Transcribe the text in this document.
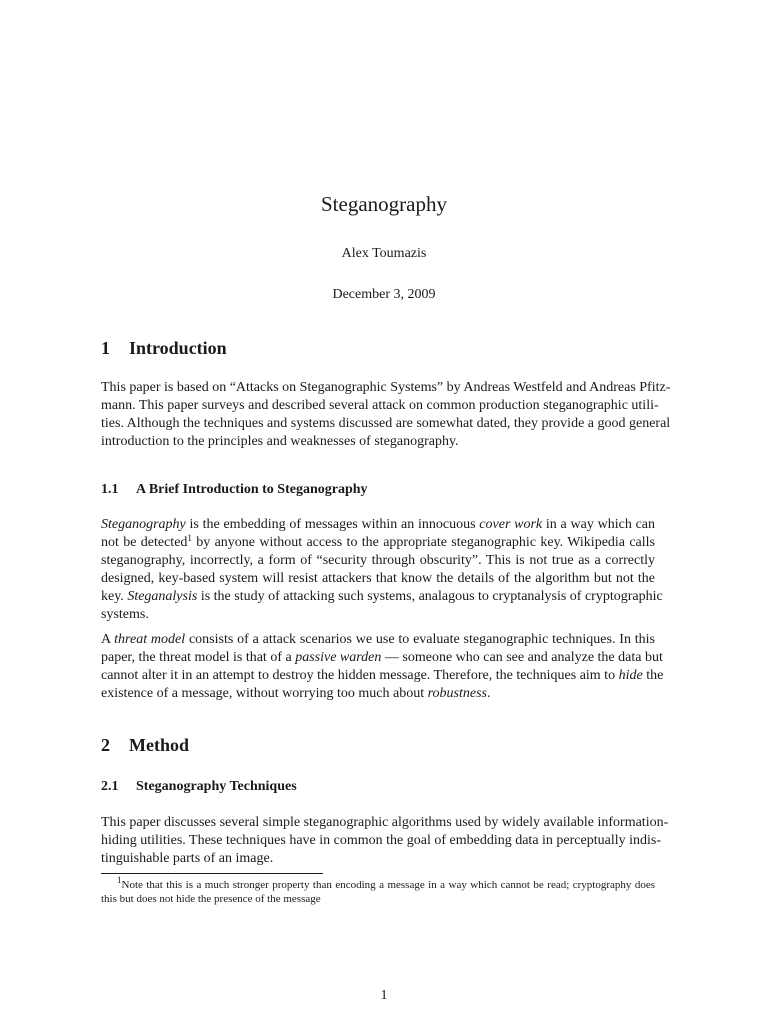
Steganography
Alex Toumazis
December 3, 2009
1 Introduction

This paper is based on “Attacks on Steganographic Systems” by Andreas Westfeld and Andreas Pfitz-
mann. This paper surveys and described several attack on common production steganographic utili-
ties. Although the techniques and systems discussed are somewhat dated, they provide a good general
introduction to the principles and weaknesses of steganography.

1.1 A Brief Introduction to Steganography

Steganography is the embedding of messages within an innocuous cover work in a way which can
not be detected$^1$ by anyone without access to the appropriate steganographic key. Wikipedia calls
steganography, incorrectly, a form of “security through obscurity”. This is not true as a correctly
designed, key-based system will resist attackers that know the details of the algorithm but not the
key. Steganalysis is the study of attacking such systems, analagous to cryptanalysis of cryptographic
systems.

A threat model consists of a attack scenarios we use to evaluate steganographic techniques. In this
paper, the threat model is that of a passive warden — someone who can see and analyze the data but
cannot alter it in an attempt to destroy the hidden message. Therefore, the techniques aim to hide the
existence of a message, without worrying too much about robustness.

2 Method
2.1 Steganography Techniques

This paper discusses several simple steganographic algorithms used by widely available information-
hiding utilities. These techniques have in common the goal of embedding data in perceptually indis-
tinguishable parts of an image.

$^1$Note that this is a much stronger property than encoding a message in a way which cannot be read; cryptography does
this but does not hide the presence of the message

1
